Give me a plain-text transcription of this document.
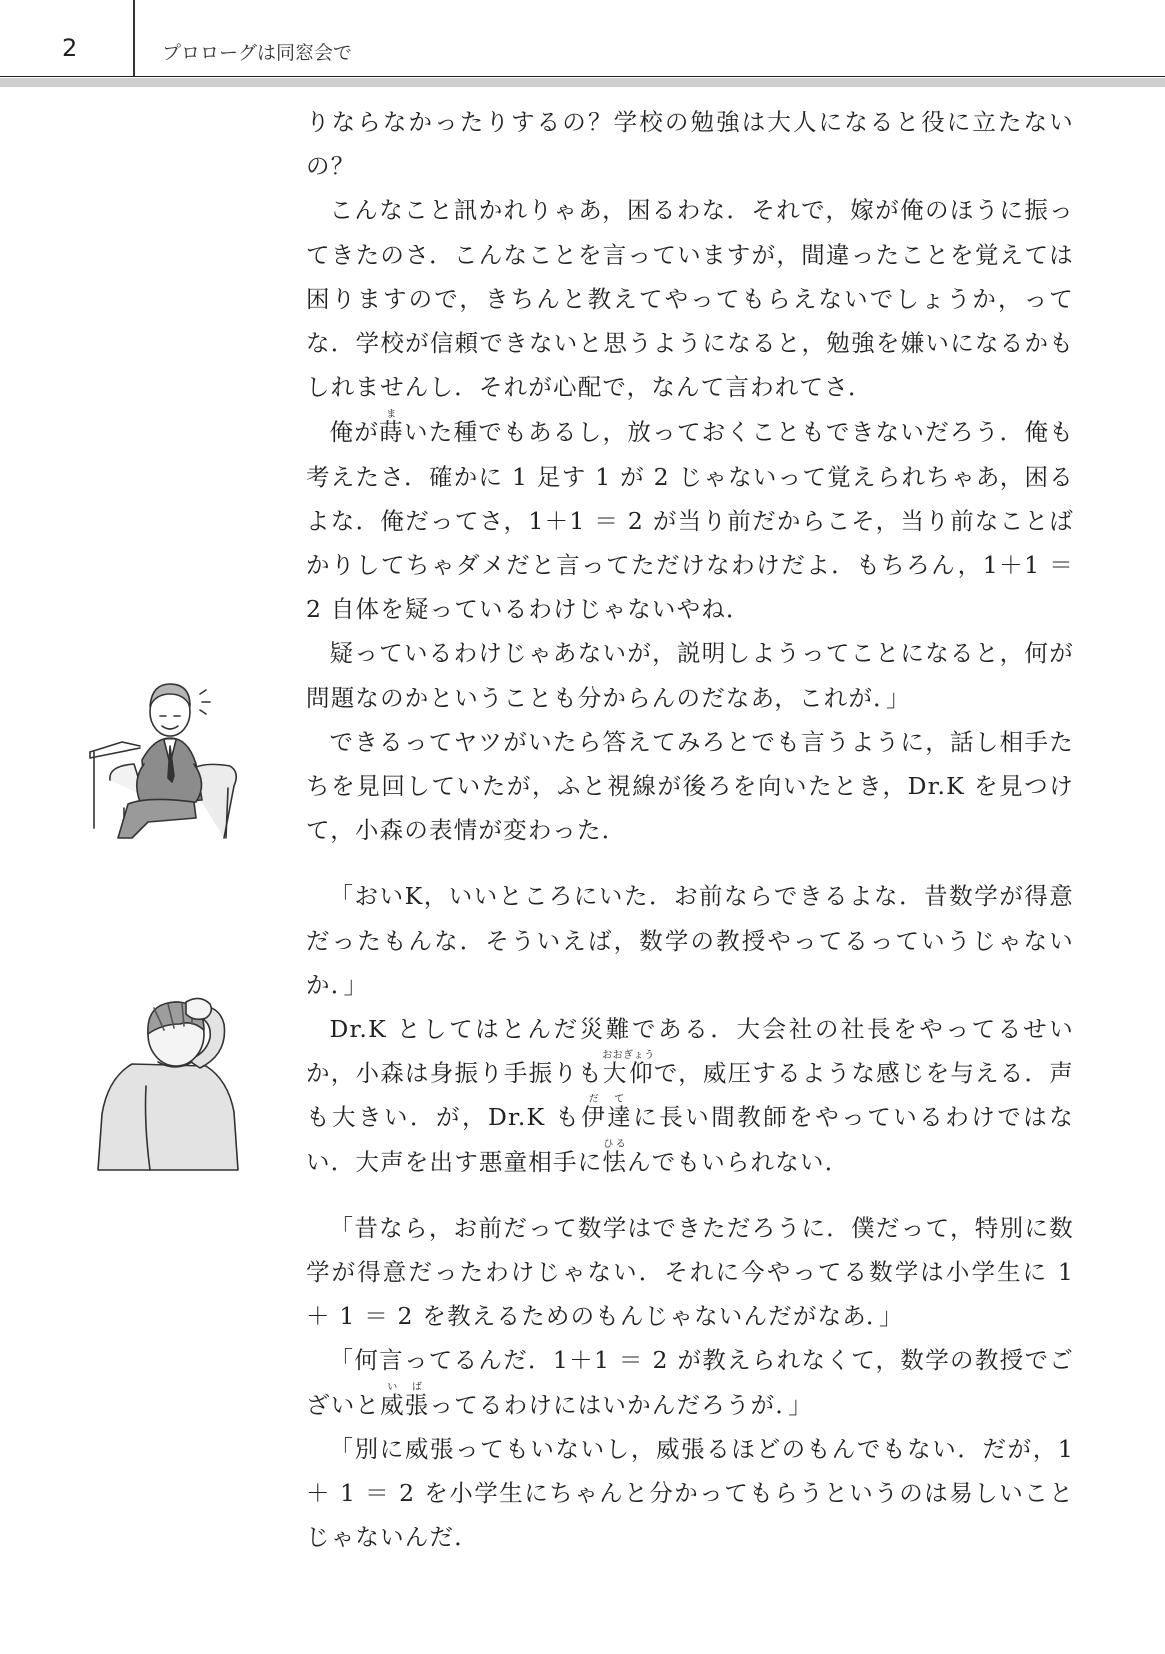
2	プロローグは同窓会で

りならなかったりするの？学校の勉強は大人になると役に立たないの？

こんなこと訊かれりゃあ，困るわな．それで，嫁が俺のほうに振ってきたのさ．こんなことを言っていますが，間違ったことを覚えては困りますので，きちんと教えてやってもらえないでしょうか，ってな．学校が信頼できないと思うようになると，勉強を嫌いになるかもしれませんし．それが心配で，なんて言われてさ．

俺が蒔まいた種でもあるし，放っておくこともできないだろう．俺も考えたさ．確かに 1 足す 1 が 2 じゃないって覚えられちゃあ，困るよな．俺だってさ，1＋1 ＝ 2 が当り前だからこそ，当り前なことばかりしてちゃダメだと言ってただけなわけだよ．もちろん，1＋1 ＝ 2 自体を疑っているわけじゃないやね．

疑っているわけじゃあないが，説明しようってことになると，何が問題なのかということも分からんのだなあ，これが．」

できるってヤツがいたら答えてみろとでも言うように，話し相手たちを見回していたが，ふと視線が後ろを向いたとき，Dr.K を見つけて，小森の表情が変わった．

「おいK，いいところにいた．お前ならできるよな．昔数学が得意だったもんな．そういえば，数学の教授やってるっていうじゃないか．」

Dr.K としてはとんだ災難である．大会社の社長をやってるせいか，小森は身振り手振りも大仰おおぎょうで，威圧するような感じを与える．声も大きい．が，Dr.K も伊達だてに長い間教師をやっているわけではない．大声を出す悪童相手に怯ひるんでもいられない．

「昔なら，お前だって数学はできただろうに．僕だって，特別に数学が得意だったわけじゃない．それに今やってる数学は小学生に 1 ＋ 1 ＝ 2 を教えるためのもんじゃないんだがなあ．」

「何言ってるんだ．1＋1 ＝ 2 が教えられなくて，数学の教授でございと威張いばってるわけにはいかんだろうが．」

「別に威張ってもいないし，威張るほどのもんでもない．だが，1 ＋ 1 ＝ 2 を小学生にちゃんと分かってもらうというのは易しいことじゃないんだ．
